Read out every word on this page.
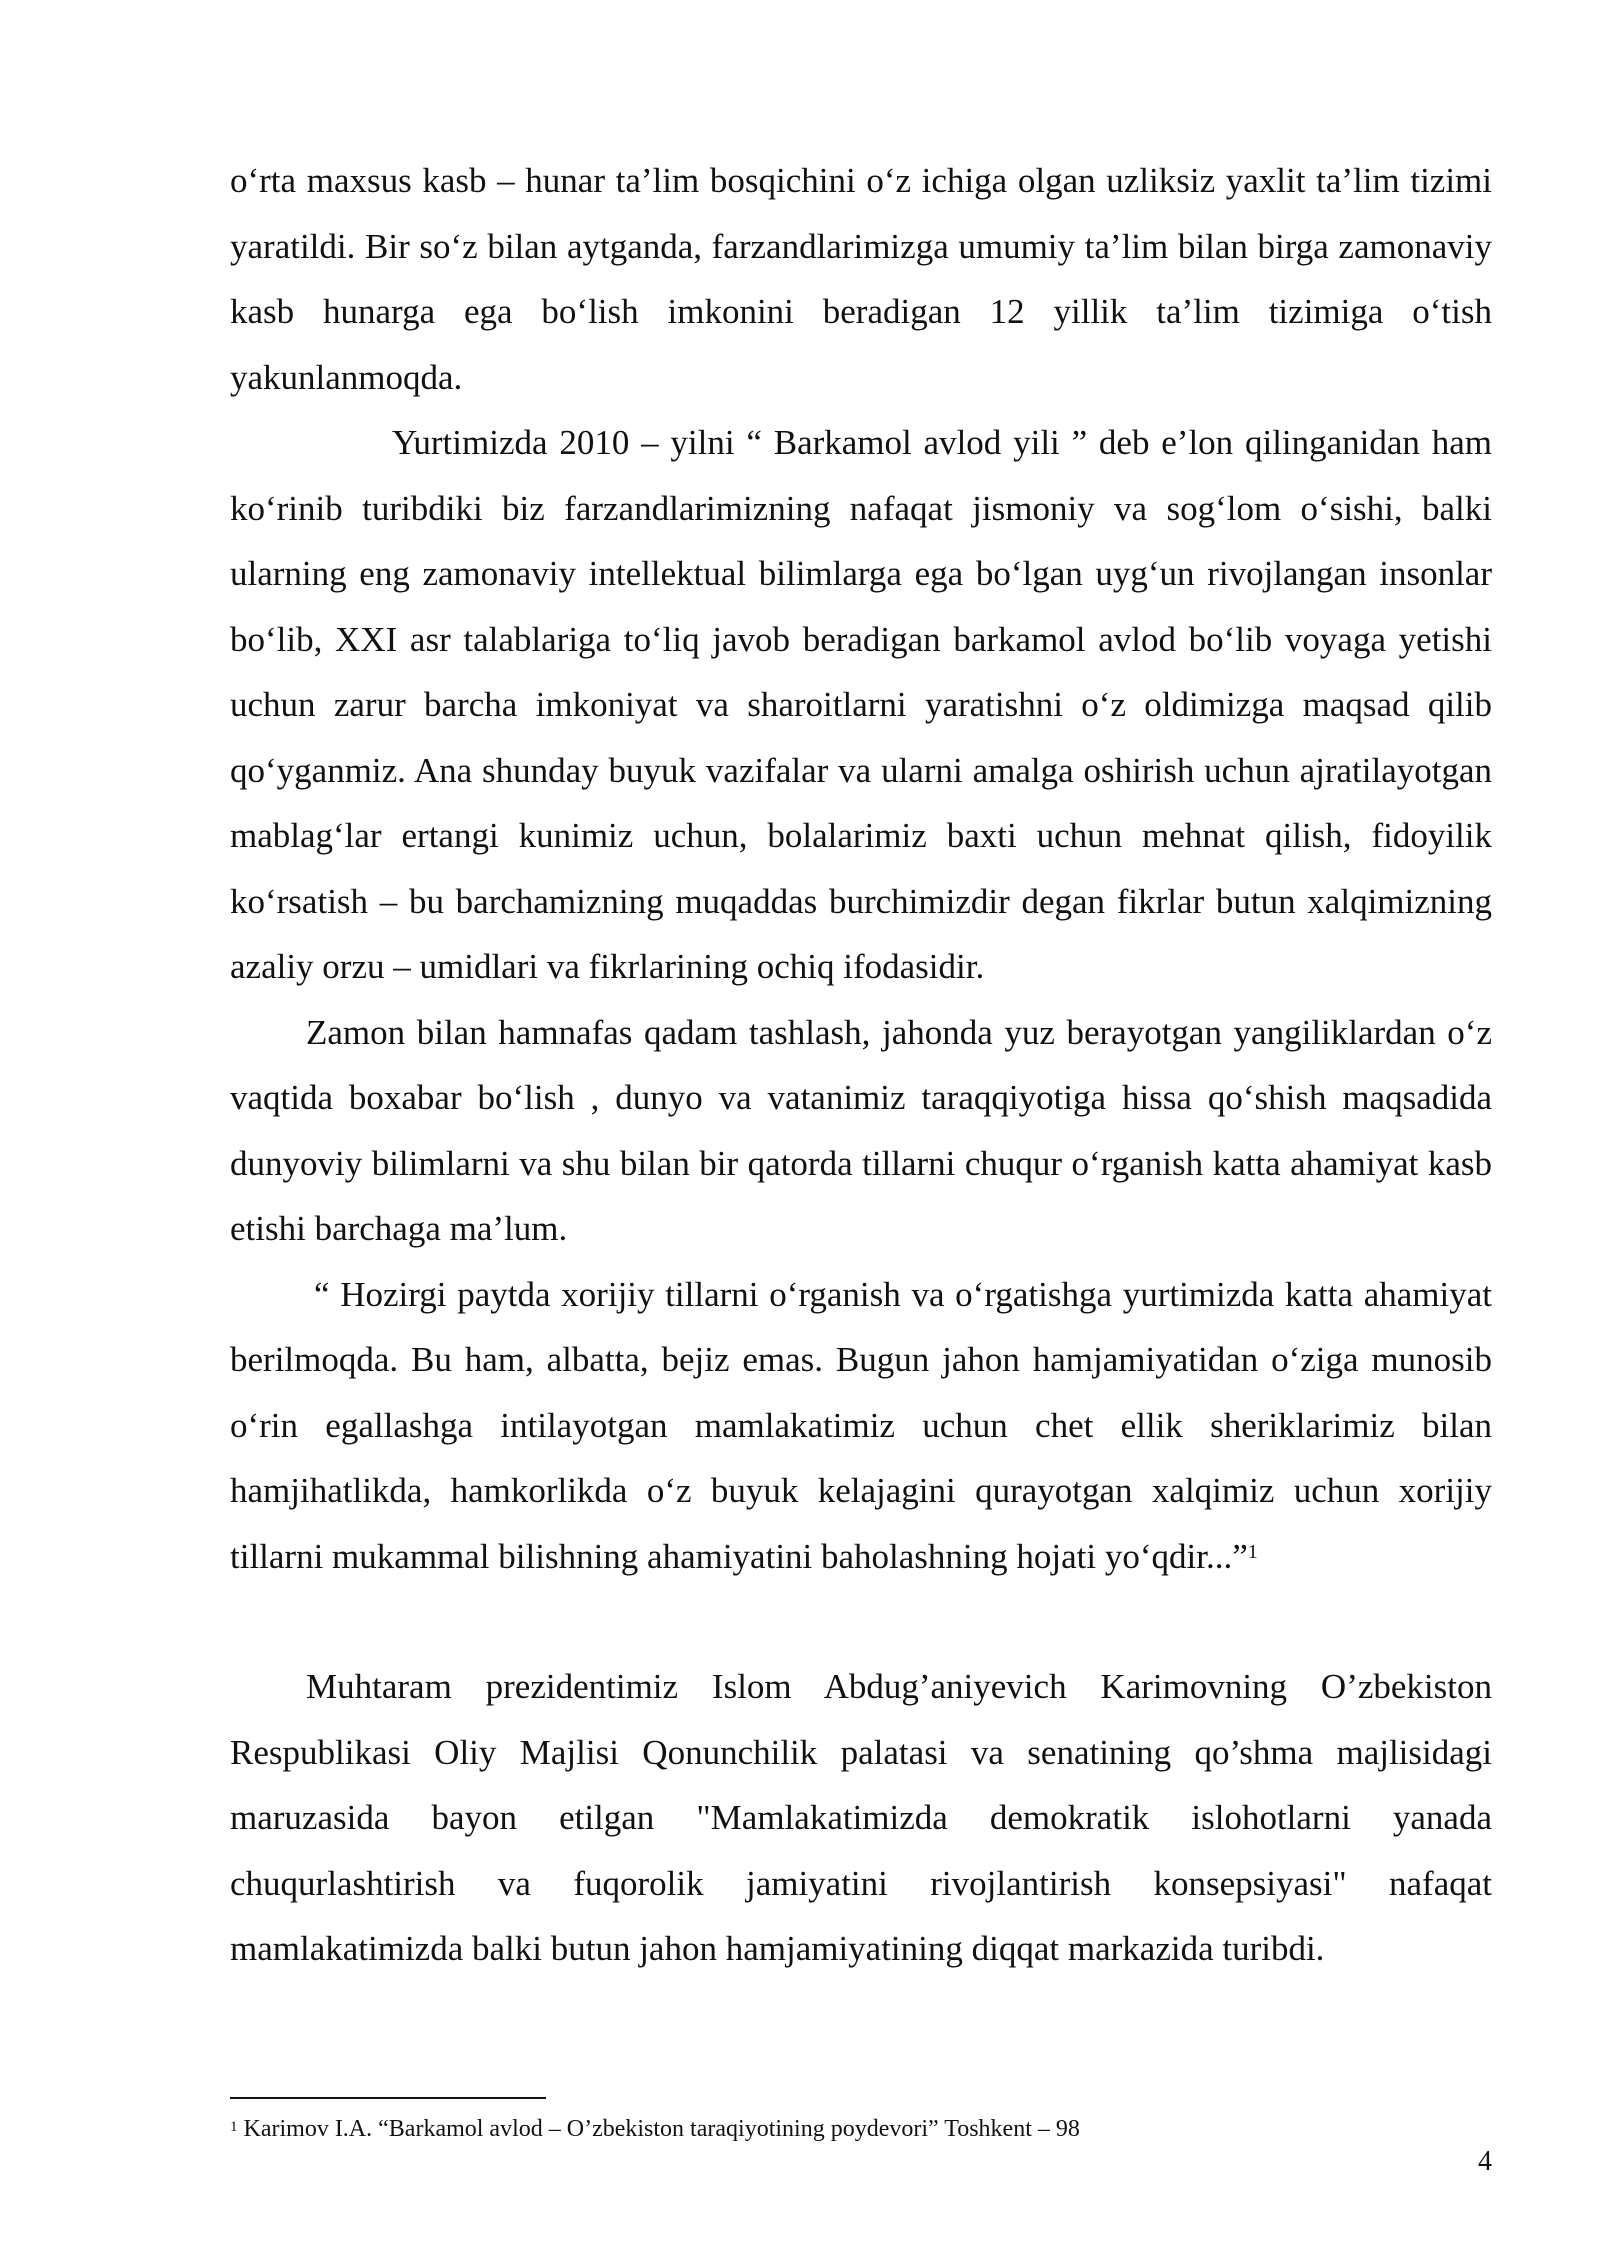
o‘rta maxsus kasb – hunar ta’lim bosqichini o‘z ichiga olgan uzliksiz yaxlit ta’lim tizimi yaratildi. Bir so‘z bilan aytganda, farzandlarimizga umumiy ta’lim bilan birga zamonaviy kasb hunarga ega bo‘lish imkonini beradigan 12 yillik ta’lim tizimiga o‘tish yakunlanmoqda.

Yurtimizda 2010 – yilni “ Barkamol avlod yili ” deb e’lon qilinganidan ham ko‘rinib turibdiki biz farzandlarimizning nafaqat jismoniy va sog‘lom o‘sishi, balki ularning eng zamonaviy intellektual bilimlarga ega bo‘lgan uyg‘un rivojlangan insonlar bo‘lib, XXI asr talablariga to‘liq javob beradigan barkamol avlod bo‘lib voyaga yetishi uchun zarur barcha imkoniyat va sharoitlarni yaratishni o‘z oldimizga maqsad qilib qo‘yganmiz. Ana shunday buyuk vazifalar va ularni amalga oshirish uchun ajratilayotgan mablag‘lar ertangi kunimiz uchun, bolalarimiz baxti uchun mehnat qilish, fidoyilik ko‘rsatish – bu barchamizning muqaddas burchimizdir degan fikrlar butun xalqimizning azaliy orzu – umidlari va fikrlarining ochiq ifodasidir.

Zamon bilan hamnafas qadam tashlash, jahonda yuz berayotgan yangiliklardan o‘z vaqtida boxabar bo‘lish , dunyo va vatanimiz taraqqiyotiga hissa qo‘shish maqsadida dunyoviy bilimlarni va shu bilan bir qatorda tillarni chuqur o‘rganish katta ahamiyat kasb etishi barchaga ma’lum.

“ Hozirgi paytda xorijiy tillarni o‘rganish va o‘rgatishga yurtimizda katta ahamiyat berilmoqda. Bu ham, albatta, bejiz emas. Bugun jahon hamjamiyatidan o‘ziga munosib o‘rin egallashga intilayotgan mamlakatimiz uchun chet ellik sheriklarimiz bilan hamjihatlikda, hamkorlikda o‘z buyuk kelajagini qurayotgan xalqimiz uchun xorijiy tillarni mukammal bilishning ahamiyatini baholashning hojati yo‘qdir...”$^1$

Muhtaram prezidentimiz Islom Abdug’aniyevich Karimovning O’zbekiston Respublikasi Oliy Majlisi Qonunchilik palatasi va senatining qo’shma majlisidagi maruzasida bayon etilgan "Mamlakatimizda demokratik islohotlarni yanada chuqurlashtirish va fuqorolik jamiyatini rivojlantirish konsepsiyasi" nafaqat mamlakatimizda balki butun jahon hamjamiyatining diqqat markazida turibdi.

$^1$ Karimov I.A. “Barkamol avlod – O’zbekiston taraqiyotining poydevori” Toshkent – 98
4
